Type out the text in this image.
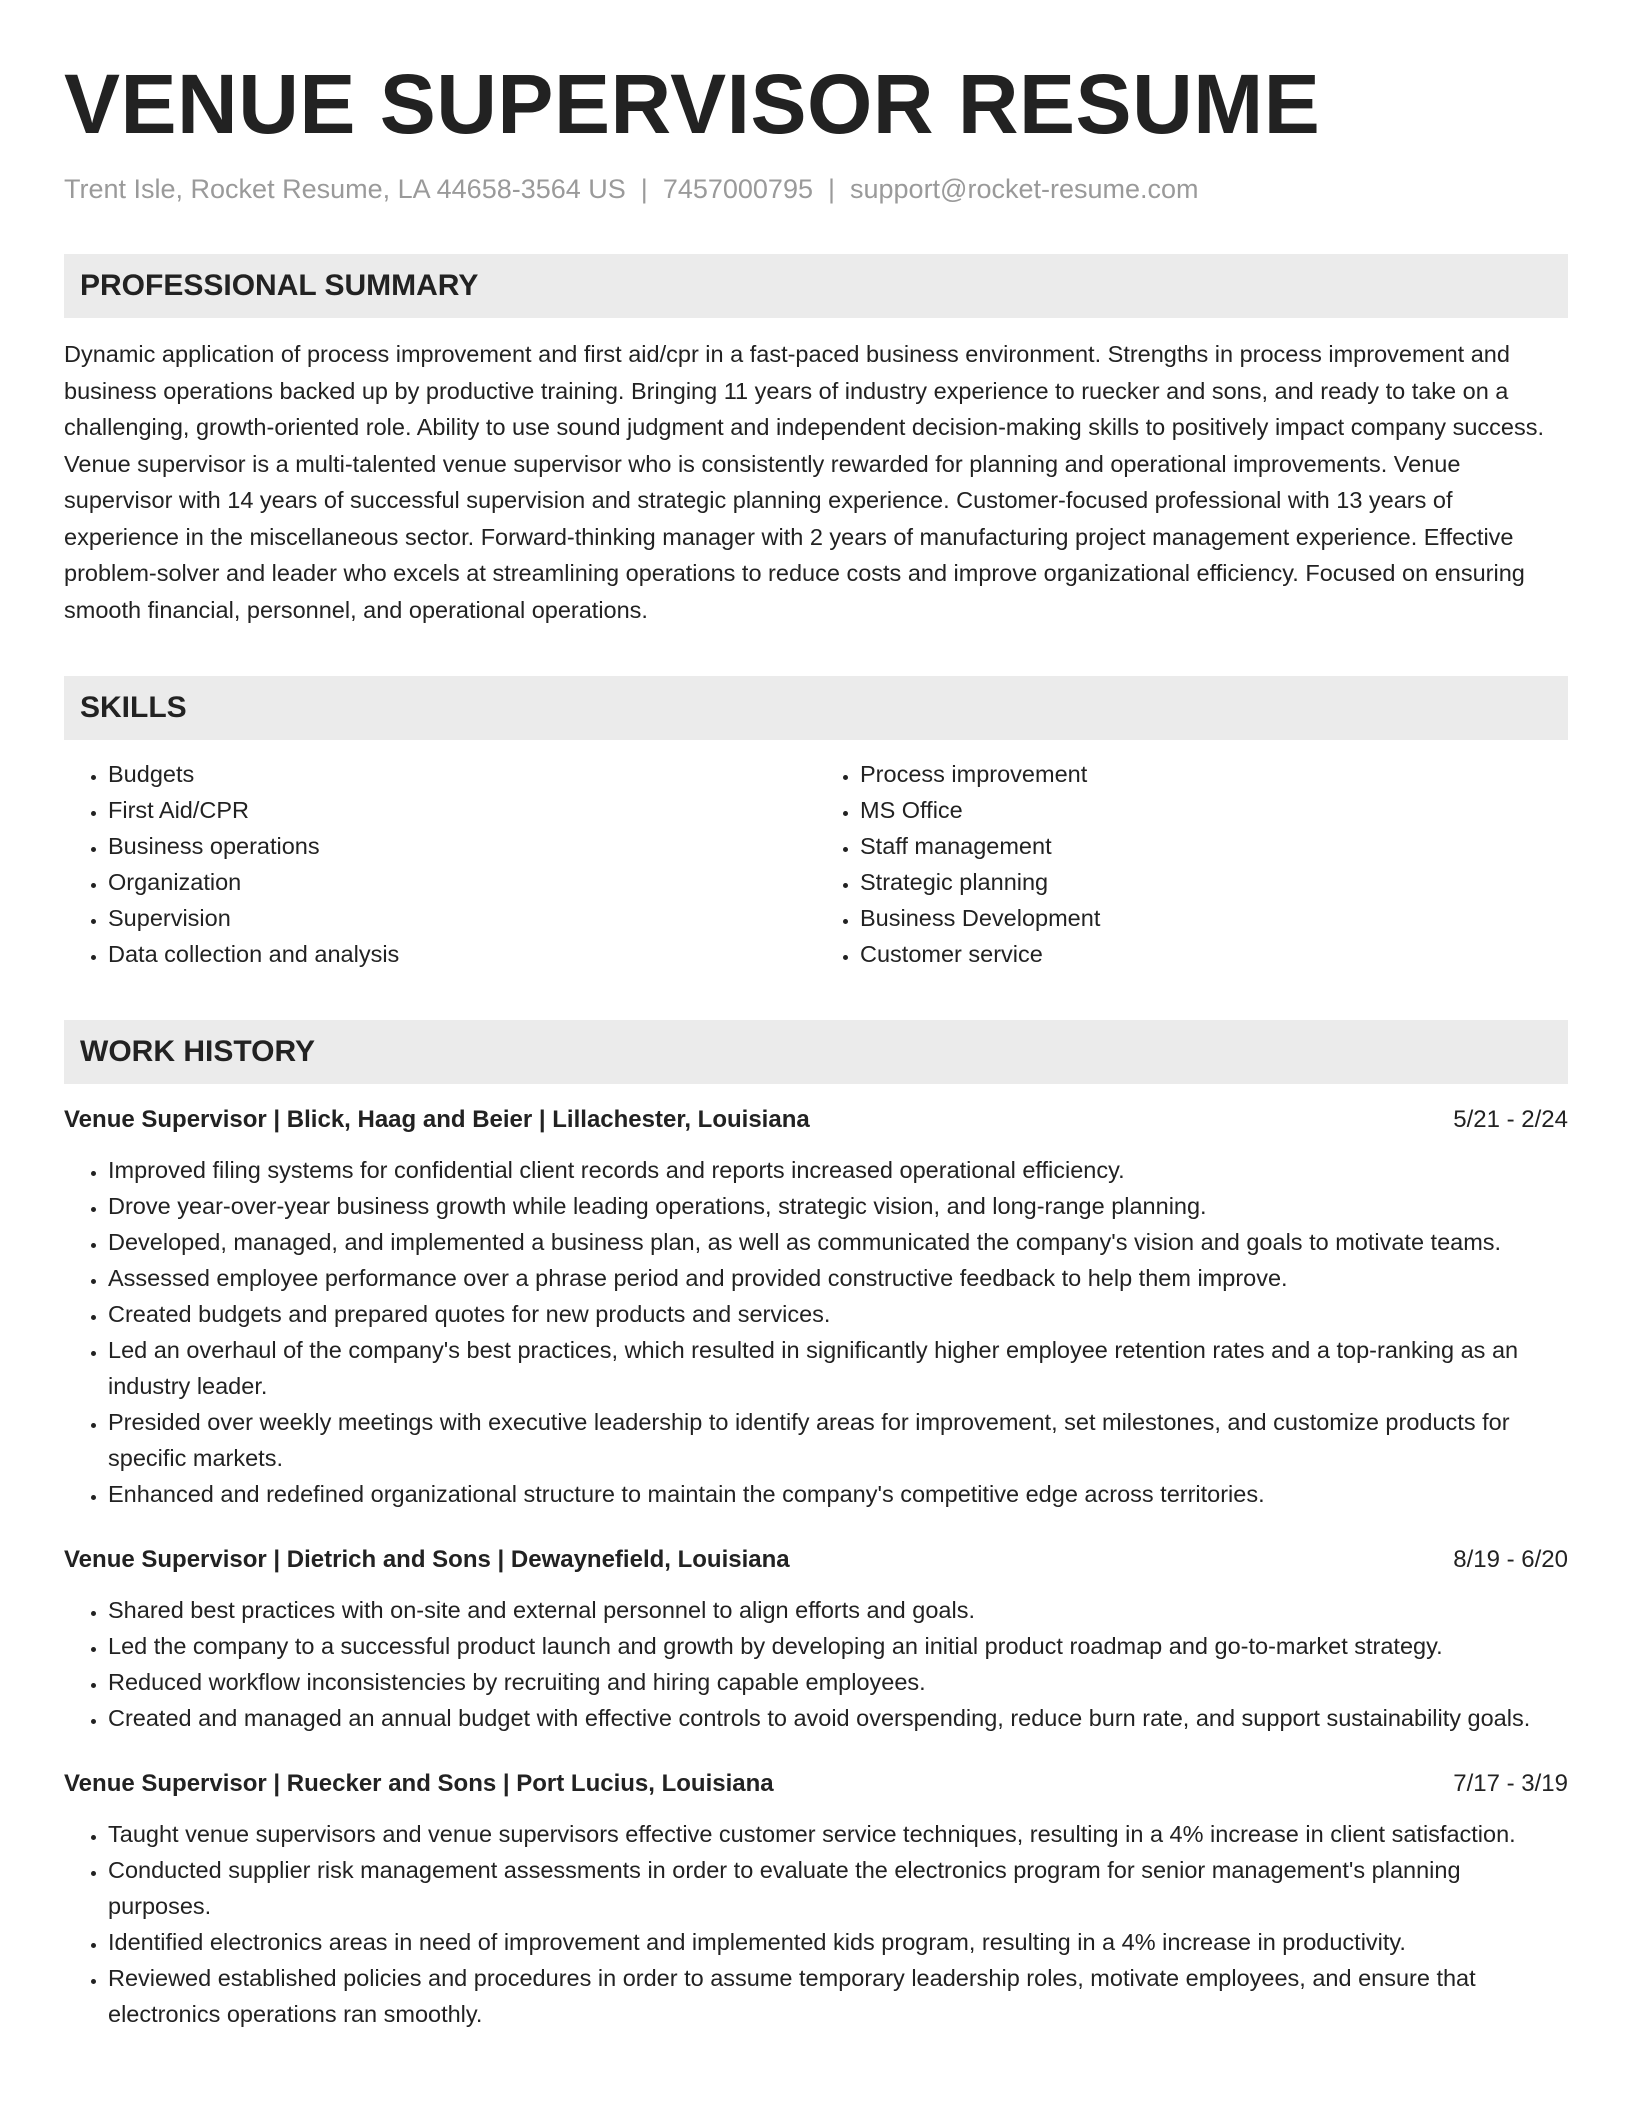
VENUE SUPERVISOR RESUME
Trent Isle, Rocket Resume, LA 44658-3564 US | 7457000795 | support@rocket-resume.com
PROFESSIONAL SUMMARY

Dynamic application of process improvement and first aid/cpr in a fast-paced business environment. Strengths in process improvement and business operations backed up by productive training. Bringing 11 years of industry experience to ruecker and sons, and ready to take on a challenging, growth-oriented role. Ability to use sound judgment and independent decision-making skills to positively impact company success. Venue supervisor is a multi-talented venue supervisor who is consistently rewarded for planning and operational improvements. Venue supervisor with 14 years of successful supervision and strategic planning experience. Customer-focused professional with 13 years of experience in the miscellaneous sector. Forward-thinking manager with 2 years of manufacturing project management experience. Effective problem-solver and leader who excels at streamlining operations to reduce costs and improve organizational efficiency. Focused on ensuring smooth financial, personnel, and operational operations.

SKILLS
• Budgets
• First Aid/CPR
• Business operations
• Organization
• Supervision
• Data collection and analysis
• Process improvement
• MS Office
• Staff management
• Strategic planning
• Business Development
• Customer service
WORK HISTORY
Venue Supervisor | Blick, Haag and Beier | Lillachester, Louisiana	5/21 - 2/24
• Improved filing systems for confidential client records and reports increased operational efficiency.
• Drove year-over-year business growth while leading operations, strategic vision, and long-range planning.
• Developed, managed, and implemented a business plan, as well as communicated the company's vision and goals to motivate teams.
• Assessed employee performance over a phrase period and provided constructive feedback to help them improve.
• Created budgets and prepared quotes for new products and services.
• Led an overhaul of the company's best practices, which resulted in significantly higher employee retention rates and a top-ranking as an industry leader.
• Presided over weekly meetings with executive leadership to identify areas for improvement, set milestones, and customize products for specific markets.
• Enhanced and redefined organizational structure to maintain the company's competitive edge across territories.
Venue Supervisor | Dietrich and Sons | Dewaynefield, Louisiana	8/19 - 6/20
• Shared best practices with on-site and external personnel to align efforts and goals.
• Led the company to a successful product launch and growth by developing an initial product roadmap and go-to-market strategy.
• Reduced workflow inconsistencies by recruiting and hiring capable employees.
• Created and managed an annual budget with effective controls to avoid overspending, reduce burn rate, and support sustainability goals.
Venue Supervisor | Ruecker and Sons | Port Lucius, Louisiana	7/17 - 3/19
• Taught venue supervisors and venue supervisors effective customer service techniques, resulting in a 4% increase in client satisfaction.
• Conducted supplier risk management assessments in order to evaluate the electronics program for senior management's planning purposes.
• Identified electronics areas in need of improvement and implemented kids program, resulting in a 4% increase in productivity.
• Reviewed established policies and procedures in order to assume temporary leadership roles, motivate employees, and ensure that electronics operations ran smoothly.
